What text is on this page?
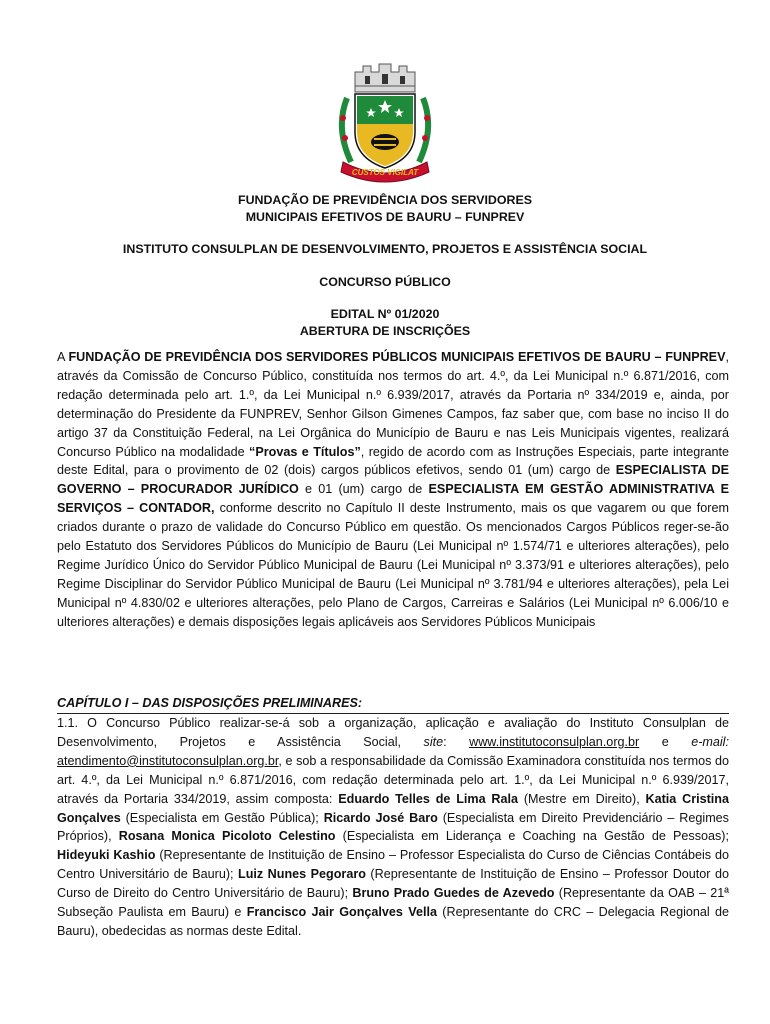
CUSTOS VIGILAT
FUNDAÇÃO DE PREVIDÊNCIA DOS SERVIDORES
MUNICIPAIS EFETIVOS DE BAURU – FUNPREV
INSTITUTO CONSULPLAN DE DESENVOLVIMENTO, PROJETOS E ASSISTÊNCIA SOCIAL
CONCURSO PÚBLICO
EDITAL Nº 01/2020
ABERTURA DE INSCRIÇÕES
A FUNDAÇÃO DE PREVIDÊNCIA DOS SERVIDORES PÚBLICOS MUNICIPAIS EFETIVOS DE BAURU – FUNPREV, através da Comissão de Concurso Público, constituída nos termos do art. 4.º, da Lei Municipal n.º 6.871/2016, com redação determinada pelo art. 1.º, da Lei Municipal n.º 6.939/2017, através da Portaria nº 334/2019 e, ainda, por determinação do Presidente da FUNPREV, Senhor Gilson Gimenes Campos, faz saber que, com base no inciso II do artigo 37 da Constituição Federal, na Lei Orgânica do Município de Bauru e nas Leis Municipais vigentes, realizará Concurso Público na modalidade “Provas e Títulos”, regido de acordo com as Instruções Especiais, parte integrante deste Edital, para o provimento de 02 (dois) cargos públicos efetivos, sendo 01 (um) cargo de ESPECIALISTA DE GOVERNO – PROCURADOR JURÍDICO e 01 (um) cargo de ESPECIALISTA EM GESTÃO ADMINISTRATIVA E SERVIÇOS – CONTADOR, conforme descrito no Capítulo II deste Instrumento, mais os que vagarem ou que forem criados durante o prazo de validade do Concurso Público em questão. Os mencionados Cargos Públicos reger-se-ão pelo Estatuto dos Servidores Públicos do Município de Bauru (Lei Municipal nº 1.574/71 e ulteriores alterações), pelo Regime Jurídico Único do Servidor Público Municipal de Bauru (Lei Municipal nº 3.373/91 e ulteriores alterações), pelo Regime Disciplinar do Servidor Público Municipal de Bauru (Lei Municipal nº 3.781/94 e ulteriores alterações), pela Lei Municipal nº 4.830/02 e ulteriores alterações, pelo Plano de Cargos, Carreiras e Salários (Lei Municipal nº 6.006/10 e ulteriores alterações) e demais disposições legais aplicáveis aos Servidores Públicos Municipais
CAPÍTULO I – DAS DISPOSIÇÕES PRELIMINARES:
1.1. O Concurso Público realizar-se-á sob a organização, aplicação e avaliação do Instituto Consulplan de Desenvolvimento, Projetos e Assistência Social, site: www.institutoconsulplan.org.br e e-mail: atendimento@institutoconsulplan.org.br, e sob a responsabilidade da Comissão Examinadora constituída nos termos do art. 4.º, da Lei Municipal n.º 6.871/2016, com redação determinada pelo art. 1.º, da Lei Municipal n.º 6.939/2017, através da Portaria 334/2019, assim composta: Eduardo Telles de Lima Rala (Mestre em Direito), Katia Cristina Gonçalves (Especialista em Gestão Pública); Ricardo José Baro (Especialista em Direito Previdenciário – Regimes Próprios), Rosana Monica Picoloto Celestino (Especialista em Liderança e Coaching na Gestão de Pessoas); Hideyuki Kashio (Representante de Instituição de Ensino – Professor Especialista do Curso de Ciências Contábeis do Centro Universitário de Bauru); Luiz Nunes Pegoraro (Representante de Instituição de Ensino – Professor Doutor do Curso de Direito do Centro Universitário de Bauru); Bruno Prado Guedes de Azevedo (Representante da OAB – 21ª Subseção Paulista em Bauru) e Francisco Jair Gonçalves Vella (Representante do CRC – Delegacia Regional de Bauru), obedecidas as normas deste Edital.
